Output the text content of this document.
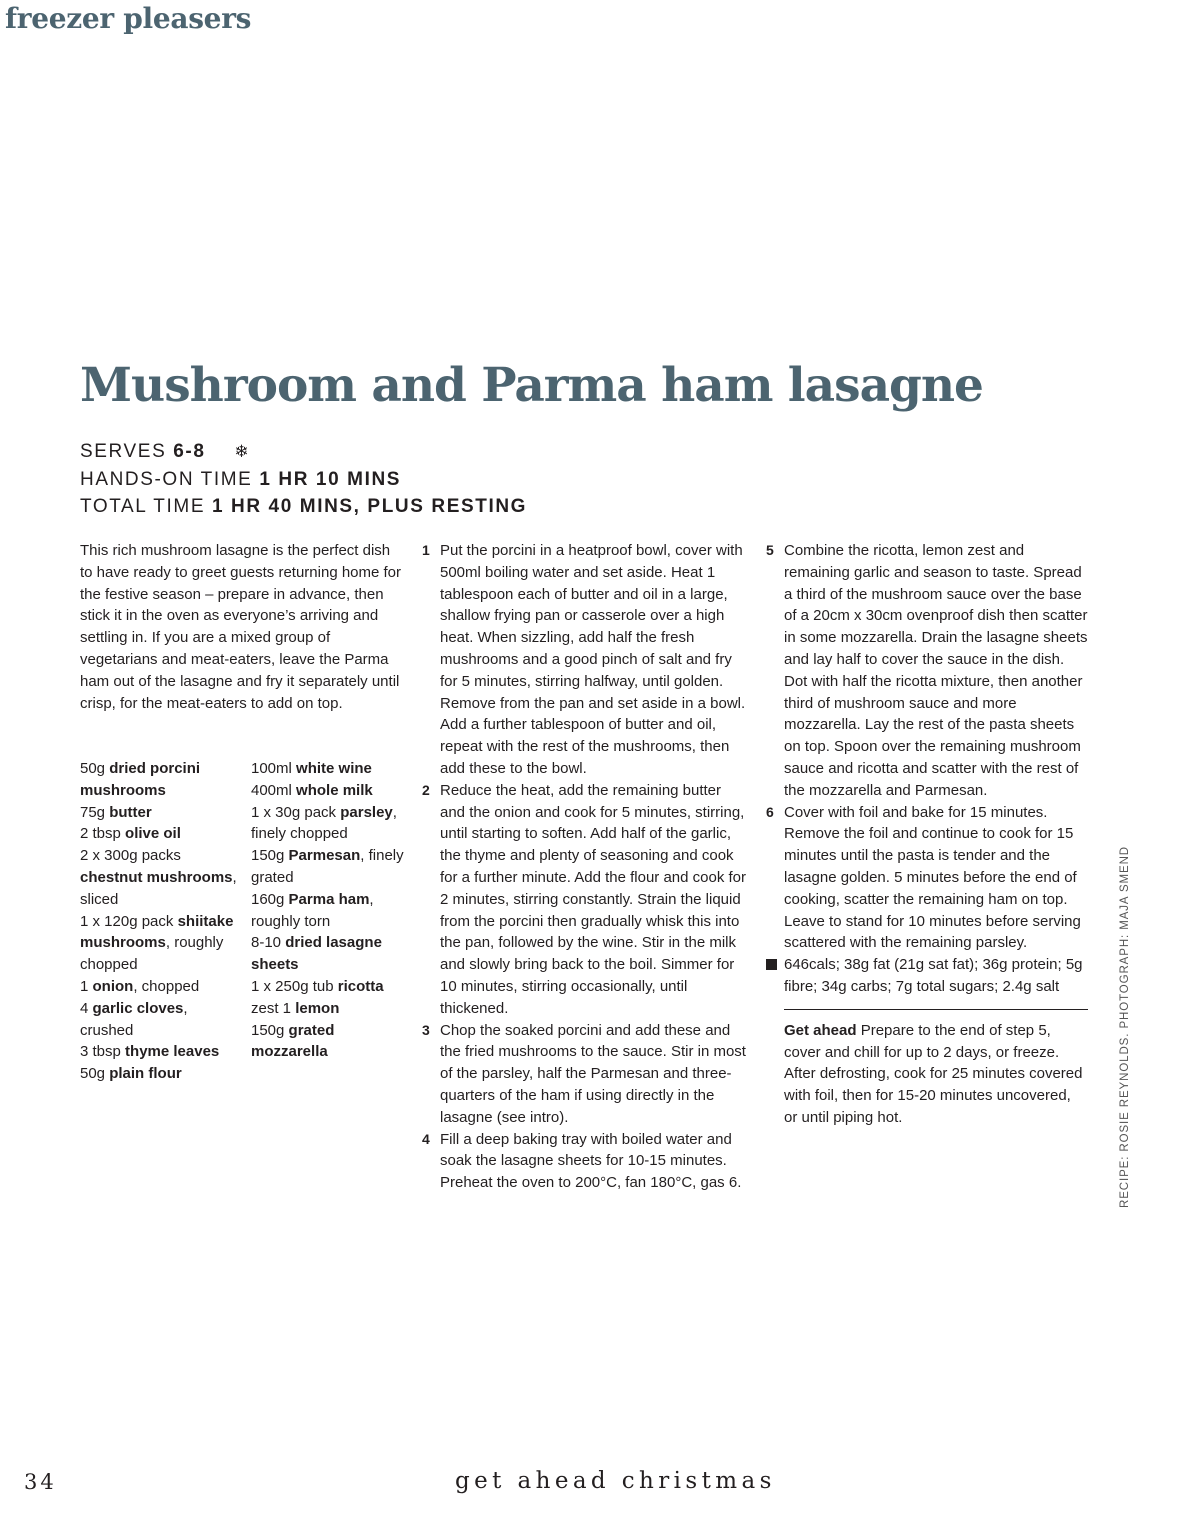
freezer pleasers
Mushroom and Parma ham lasagne
SERVES 6-8 ❄
HANDS-ON TIME 1 HR 10 MINS
TOTAL TIME 1 HR 40 MINS, PLUS RESTING
This rich mushroom lasagne is the perfect dish to have ready to greet guests returning home for the festive season – prepare in advance, then stick it in the oven as everyone’s arriving and settling in. If you are a mixed group of vegetarians and meat-eaters, leave the Parma ham out of the lasagne and fry it separately until crisp, for the meat-eaters to add on top.
50g dried porcini mushrooms
75g butter
2 tbsp olive oil
2 x 300g packs chestnut mushrooms, sliced
1 x 120g pack shiitake mushrooms, roughly chopped
1 onion, chopped
4 garlic cloves, crushed
3 tbsp thyme leaves
50g plain flour
100ml white wine
400ml whole milk
1 x 30g pack parsley, finely chopped
150g Parmesan, finely grated
160g Parma ham, roughly torn
8-10 dried lasagne sheets
1 x 250g tub ricotta
zest 1 lemon
150g grated mozzarella
1 Put the porcini in a heatproof bowl, cover with 500ml boiling water and set aside. Heat 1 tablespoon each of butter and oil in a large, shallow frying pan or casserole over a high heat. When sizzling, add half the fresh mushrooms and a good pinch of salt and fry for 5 minutes, stirring halfway, until golden. Remove from the pan and set aside in a bowl. Add a further tablespoon of butter and oil, repeat with the rest of the mushrooms, then add these to the bowl.
2 Reduce the heat, add the remaining butter and the onion and cook for 5 minutes, stirring, until starting to soften. Add half of the garlic, the thyme and plenty of seasoning and cook for a further minute. Add the flour and cook for 2 minutes, stirring constantly. Strain the liquid from the porcini then gradually whisk this into the pan, followed by the wine. Stir in the milk and slowly bring back to the boil. Simmer for 10 minutes, stirring occasionally, until thickened.
3 Chop the soaked porcini and add these and the fried mushrooms to the sauce. Stir in most of the parsley, half the Parmesan and three-quarters of the ham if using directly in the lasagne (see intro).
4 Fill a deep baking tray with boiled water and soak the lasagne sheets for 10-15 minutes. Preheat the oven to 200°C, fan 180°C, gas 6.
5 Combine the ricotta, lemon zest and remaining garlic and season to taste. Spread a third of the mushroom sauce over the base of a 20cm x 30cm ovenproof dish then scatter in some mozzarella. Drain the lasagne sheets and lay half to cover the sauce in the dish. Dot with half the ricotta mixture, then another third of mushroom sauce and more mozzarella. Lay the rest of the pasta sheets on top. Spoon over the remaining mushroom sauce and ricotta and scatter with the rest of the mozzarella and Parmesan.
6 Cover with foil and bake for 15 minutes. Remove the foil and continue to cook for 15 minutes until the pasta is tender and the lasagne golden. 5 minutes before the end of cooking, scatter the remaining ham on top. Leave to stand for 10 minutes before serving scattered with the remaining parsley.
646cals; 38g fat (21g sat fat); 36g protein; 5g fibre; 34g carbs; 7g total sugars; 2.4g salt
Get ahead Prepare to the end of step 5, cover and chill for up to 2 days, or freeze. After defrosting, cook for 25 minutes covered with foil, then for 15-20 minutes uncovered, or until piping hot.	RECIPE: ROSIE REYNOLDS. PHOTOGRAPH: MAJA SMEND
34	get ahead christmas
